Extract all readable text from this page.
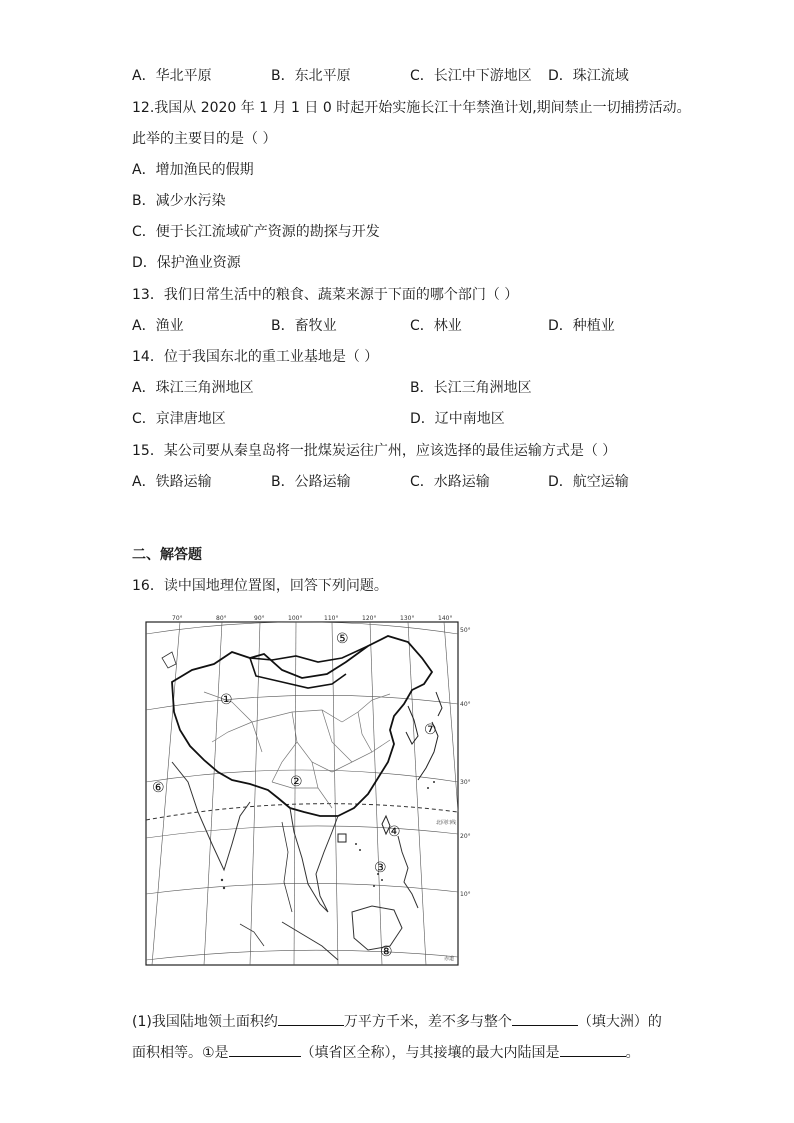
A．华北平原	B．东北平原	C．长江中下游地区 D．珠江流域
12.我国从 2020 年 1 月 1 日 0 时起开始实施长江十年禁渔计划,期间禁止一切捕捞活动。
此举的主要目的是（ ）
A．增加渔民的假期
B．减少水污染
C．便于长江流域矿产资源的勘探与开发
D．保护渔业资源
13．我们日常生活中的粮食、蔬菜来源于下面的哪个部门（ ）
A．渔业	B．畜牧业	C．林业	D．种植业
14．位于我国东北的重工业基地是（ ）
A．珠江三角洲地区	B．长江三角洲地区
C．京津唐地区	D．辽中南地区
15．某公司要从秦皇岛将一批煤炭运往广州，应该选择的最佳运输方式是（ ）
A．铁路运输	B．公路运输	C．水路运输	D．航空运输
二、解答题
16．读中国地理位置图，回答下列问题。
70°	80°	90°	100°	110°	120°	130°	140°
50°
40°
30°
20°
10°
北回归线
赤道
①
②
③
④
⑤
⑥
⑦
⑧
(1)我国陆地领土面积约	万平方千米，差不多与整个	（填大洲）的
面积相等。①是	（填省区全称），与其接壤的最大内陆国是	。
